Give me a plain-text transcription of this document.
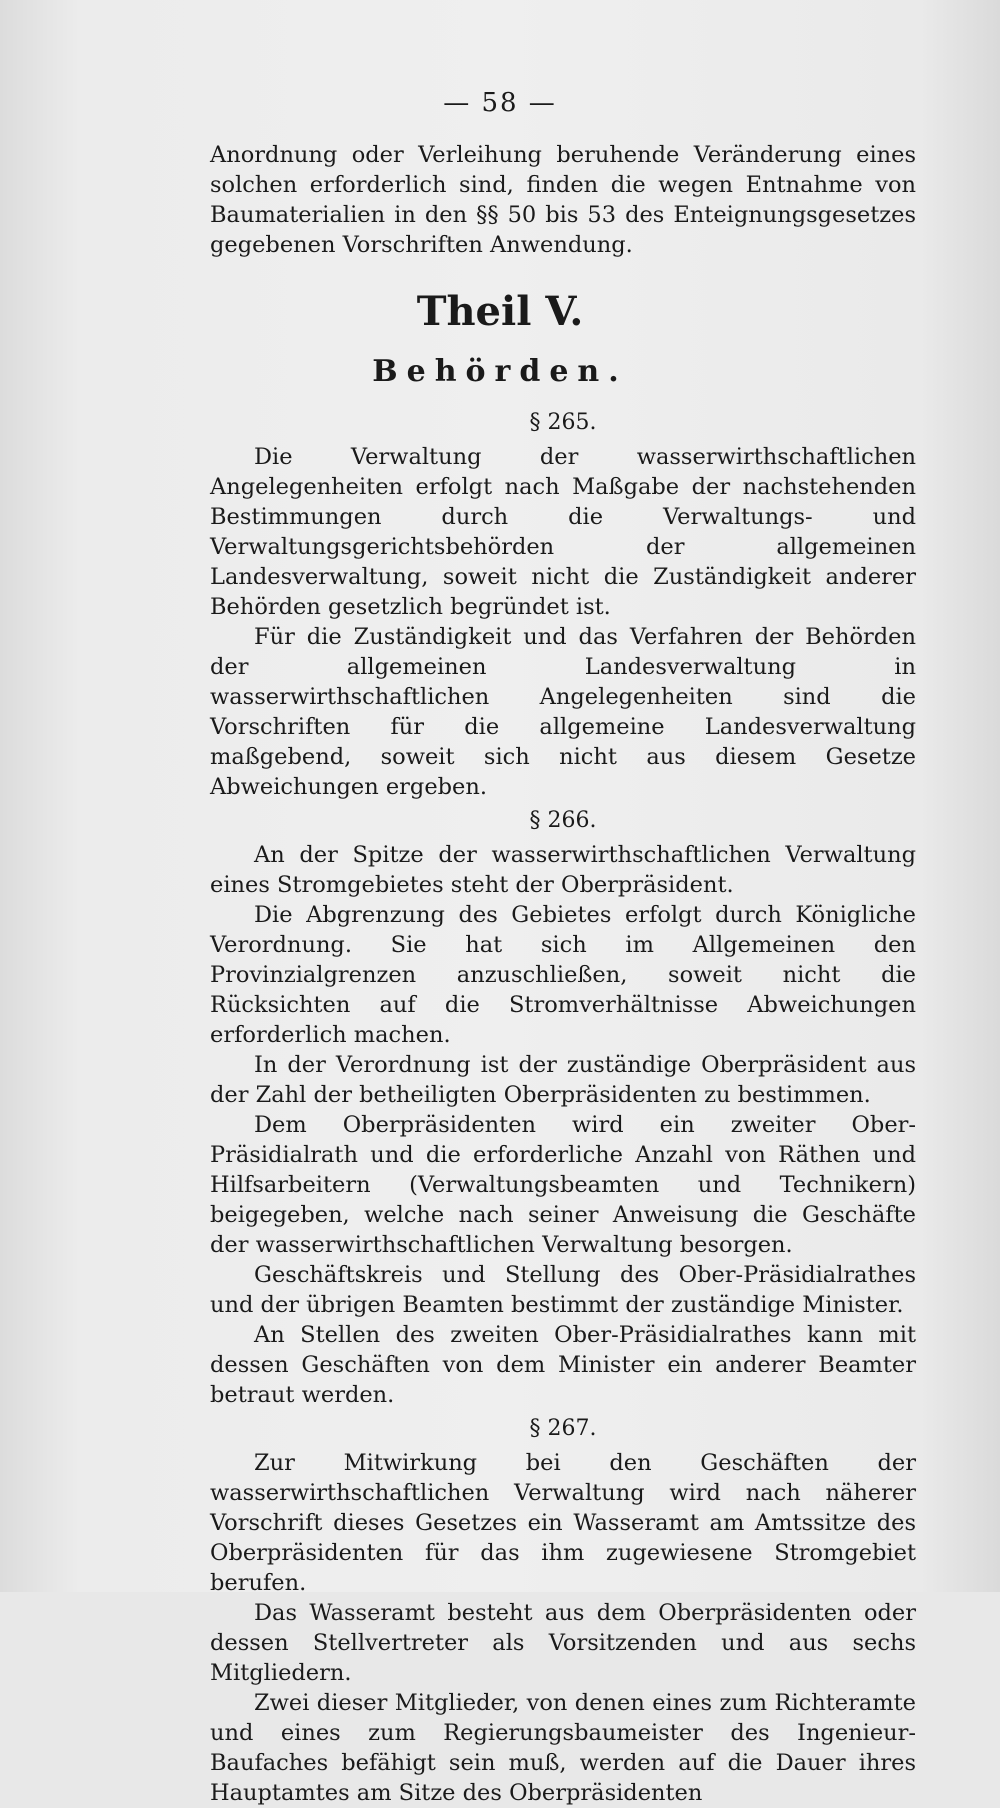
— 58 —

Anordnung oder Verleihung beruhende Veränderung eines solchen erforderlich sind, finden die wegen Entnahme von Baumaterialien in den §§ 50 bis 53 des Enteignungsgesetzes gegebenen Vorschriften Anwendung.

Theil V.
Behörden.
§ 265.

Die Verwaltung der wasserwirthschaftlichen Angelegenheiten erfolgt nach Maßgabe der nachstehenden Bestimmungen durch die Verwaltungs- und Verwaltungsgerichtsbehörden der allgemeinen Landesverwaltung, soweit nicht die Zuständigkeit anderer Behörden gesetzlich begründet ist.

Für die Zuständigkeit und das Verfahren der Behörden der allgemeinen Landesverwaltung in wasserwirthschaftlichen Angelegenheiten sind die Vorschriften für die allgemeine Landesverwaltung maßgebend, soweit sich nicht aus diesem Gesetze Abweichungen ergeben.

§ 266.

An der Spitze der wasserwirthschaftlichen Verwaltung eines Stromgebietes steht der Oberpräsident.

Die Abgrenzung des Gebietes erfolgt durch Königliche Verordnung. Sie hat sich im Allgemeinen den Provinzialgrenzen anzuschließen, soweit nicht die Rücksichten auf die Stromverhältnisse Abweichungen erforderlich machen.

In der Verordnung ist der zuständige Oberpräsident aus der Zahl der betheiligten Oberpräsidenten zu bestimmen.

Dem Oberpräsidenten wird ein zweiter Ober-Präsidialrath und die erforderliche Anzahl von Räthen und Hilfsarbeitern (Verwaltungsbeamten und Technikern) beigegeben, welche nach seiner Anweisung die Geschäfte der wasserwirthschaftlichen Verwaltung besorgen.

Geschäftskreis und Stellung des Ober-Präsidialrathes und der übrigen Beamten bestimmt der zuständige Minister.

An Stellen des zweiten Ober-Präsidialrathes kann mit dessen Geschäften von dem Minister ein anderer Beamter betraut werden.

§ 267.

Zur Mitwirkung bei den Geschäften der wasserwirthschaftlichen Verwaltung wird nach näherer Vorschrift dieses Gesetzes ein Wasseramt am Amtssitze des Oberpräsidenten für das ihm zugewiesene Stromgebiet berufen.

Das Wasseramt besteht aus dem Oberpräsidenten oder dessen Stellvertreter als Vorsitzenden und aus sechs Mitgliedern.

Zwei dieser Mitglieder, von denen eines zum Richteramte und eines zum Regierungsbaumeister des Ingenieur-Baufaches befähigt sein muß, werden auf die Dauer ihres Hauptamtes am Sitze des Oberpräsidenten
